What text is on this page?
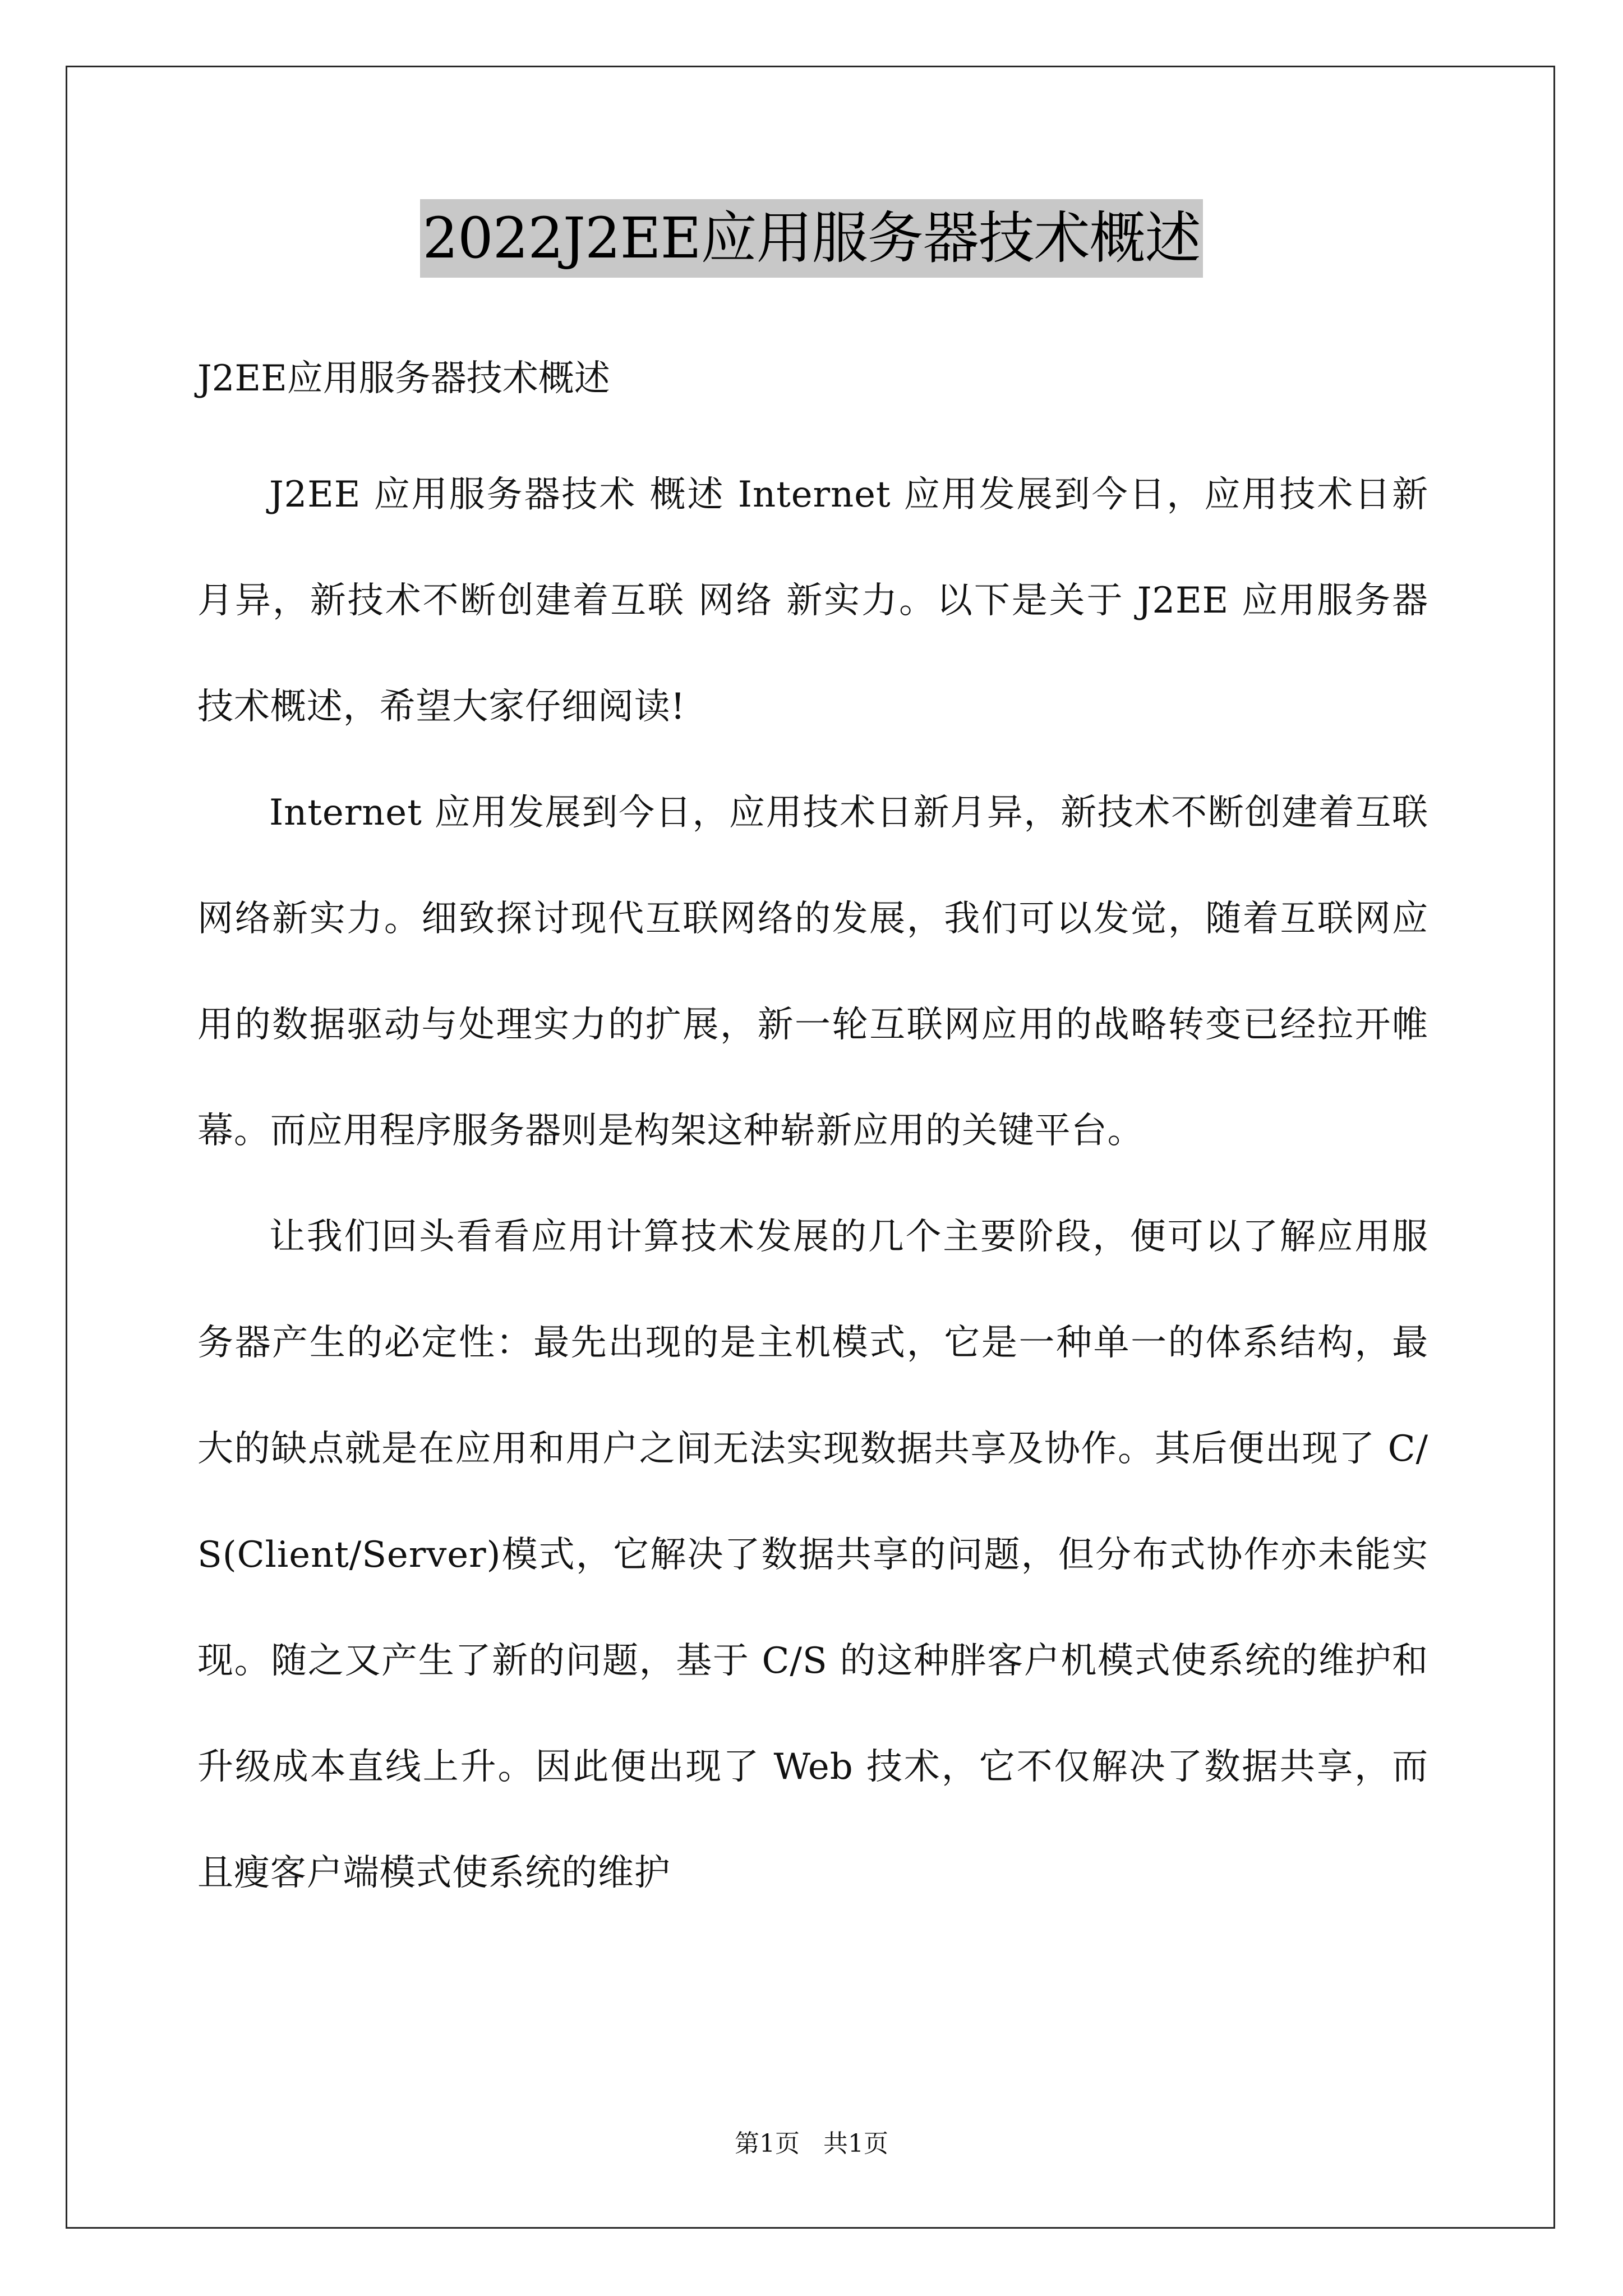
2022J2EE应用服务器技术概述
J2EE应用服务器技术概述

J2EE 应用服务器技术 概述 Internet 应用发展到今日，应用技术日新月异，新技术不断创建着互联 网络 新实力。以下是关于 J2EE 应用服务器技术概述，希望大家仔细阅读!

Internet 应用发展到今日，应用技术日新月异，新技术不断创建着互联网络新实力。细致探讨现代互联网络的发展，我们可以发觉，随着互联网应用的数据驱动与处理实力的扩展，新一轮互联网应用的战略转变已经拉开帷幕。而应用程序服务器则是构架这种崭新应用的关键平台。

让我们回头看看应用计算技术发展的几个主要阶段，便可以了解应用服务器产生的必定性：最先出现的是主机模式，它是一种单一的体系结构，最大的缺点就是在应用和用户之间无法实现数据共享及协作。其后便出现了 C/S(Client/Server)模式，它解决了数据共享的问题，但分布式协作亦未能实现。随之又产生了新的问题，基于 C/S 的这种胖客户机模式使系统的维护和升级成本直线上升。因此便出现了 Web 技术，它不仅解决了数据共享，而且瘦客户端模式使系统的维护

第1页   共1页
